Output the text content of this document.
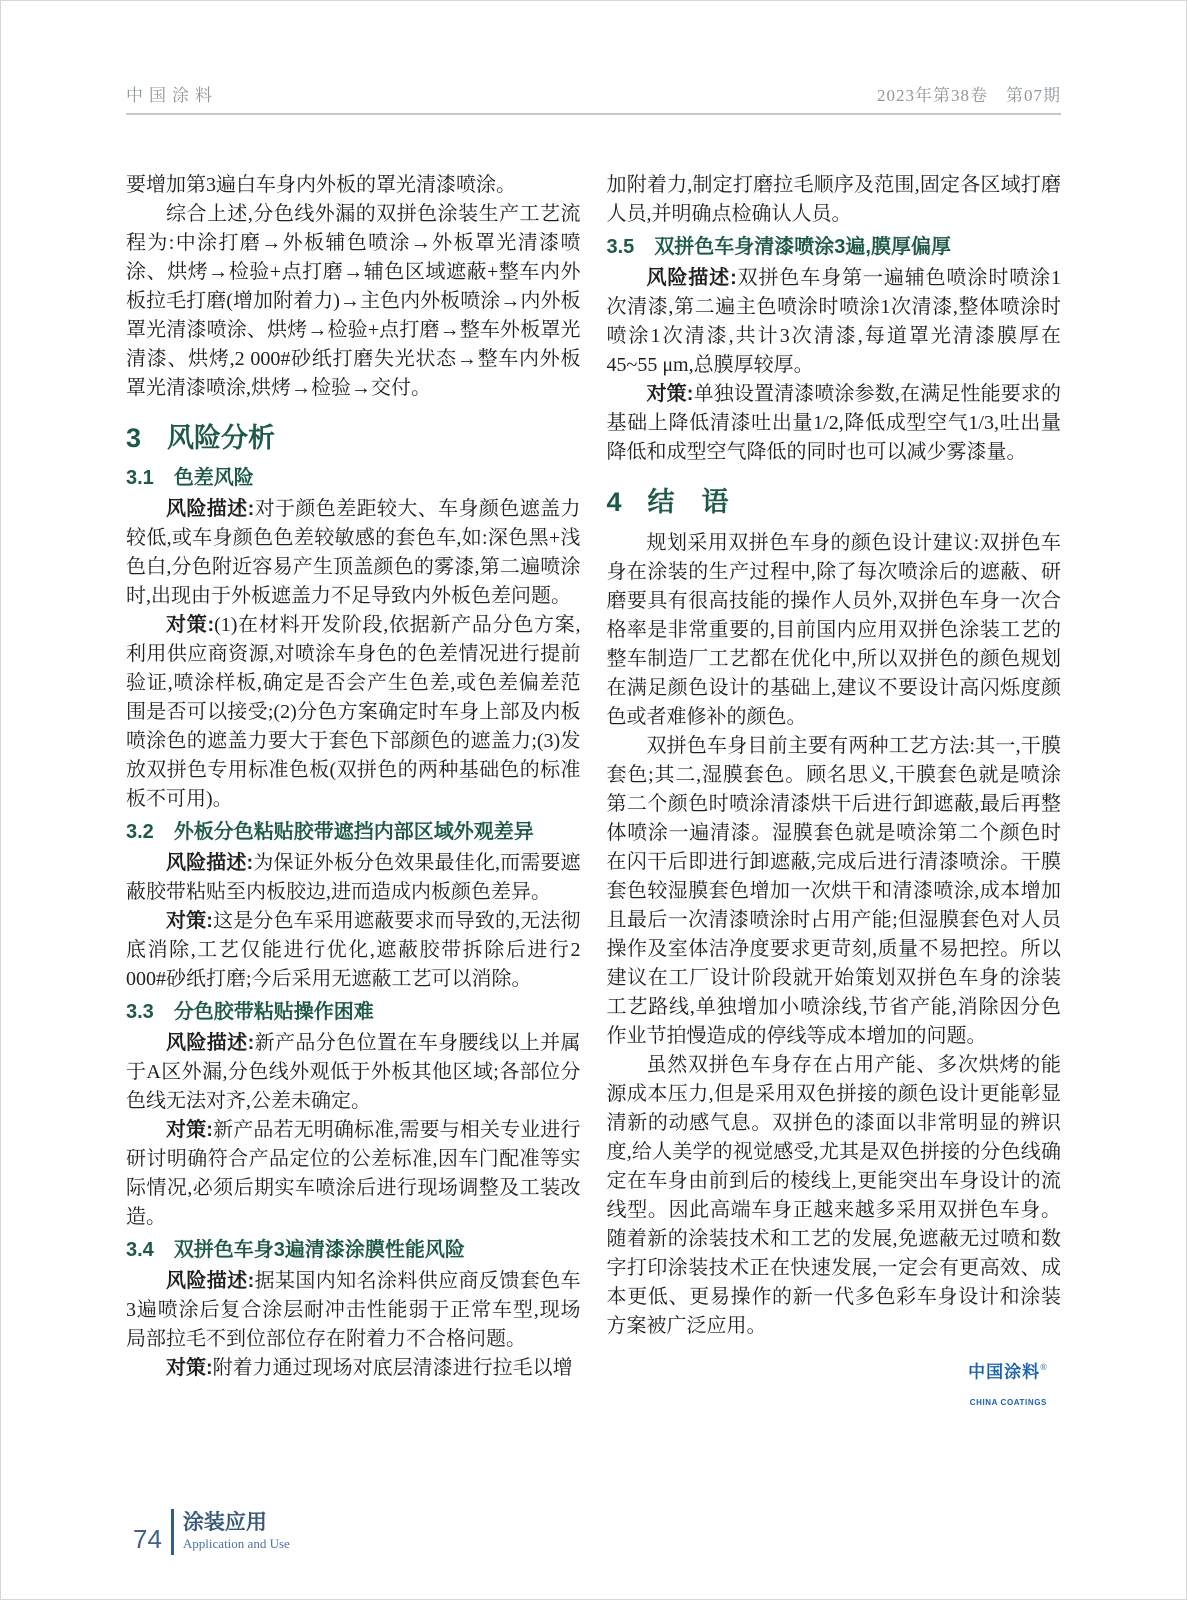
中国涂料	2023年第38卷　第07期

要增加第3遍白车身内外板的罩光清漆喷涂。

综合上述,分色线外漏的双拼色涂装生产工艺流程为:中涂打磨→外板辅色喷涂→外板罩光清漆喷涂、烘烤→检验+点打磨→辅色区域遮蔽+整车内外板拉毛打磨(增加附着力)→主色内外板喷涂→内外板罩光清漆喷涂、烘烤→检验+点打磨→整车外板罩光清漆、烘烤,2 000#砂纸打磨失光状态→整车内外板罩光清漆喷涂,烘烤→检验→交付。

3 风险分析
3.1 色差风险

风险描述:对于颜色差距较大、车身颜色遮盖力较低,或车身颜色色差较敏感的套色车,如:深色黑+浅色白,分色附近容易产生顶盖颜色的雾漆,第二遍喷涂时,出现由于外板遮盖力不足导致内外板色差问题。

对策:(1)在材料开发阶段,依据新产品分色方案,利用供应商资源,对喷涂车身色的色差情况进行提前验证,喷涂样板,确定是否会产生色差,或色差偏差范围是否可以接受;(2)分色方案确定时车身上部及内板喷涂色的遮盖力要大于套色下部颜色的遮盖力;(3)发放双拼色专用标准色板(双拼色的两种基础色的标准板不可用)。

3.2 外板分色粘贴胶带遮挡内部区域外观差异

风险描述:为保证外板分色效果最佳化,而需要遮蔽胶带粘贴至内板胶边,进而造成内板颜色差异。

对策:这是分色车采用遮蔽要求而导致的,无法彻底消除,工艺仅能进行优化,遮蔽胶带拆除后进行2 000#砂纸打磨;今后采用无遮蔽工艺可以消除。

3.3 分色胶带粘贴操作困难

风险描述:新产品分色位置在车身腰线以上并属于A区外漏,分色线外观低于外板其他区域;各部位分色线无法对齐,公差未确定。

对策:新产品若无明确标准,需要与相关专业进行研讨明确符合产品定位的公差标准,因车门配准等实际情况,必须后期实车喷涂后进行现场调整及工装改造。

3.4 双拼色车身3遍清漆涂膜性能风险

风险描述:据某国内知名涂料供应商反馈套色车3遍喷涂后复合涂层耐冲击性能弱于正常车型,现场局部拉毛不到位部位存在附着力不合格问题。

对策:附着力通过现场对底层清漆进行拉毛以增

加附着力,制定打磨拉毛顺序及范围,固定各区域打磨人员,并明确点检确认人员。

3.5 双拼色车身清漆喷涂3遍,膜厚偏厚

风险描述:双拼色车身第一遍辅色喷涂时喷涂1次清漆,第二遍主色喷涂时喷涂1次清漆,整体喷涂时喷涂1次清漆,共计3次清漆,每道罩光清漆膜厚在45~55 μm,总膜厚较厚。

对策:单独设置清漆喷涂参数,在满足性能要求的基础上降低清漆吐出量1/2,降低成型空气1/3,吐出量降低和成型空气降低的同时也可以减少雾漆量。

4 结　语

规划采用双拼色车身的颜色设计建议:双拼色车身在涂装的生产过程中,除了每次喷涂后的遮蔽、研磨要具有很高技能的操作人员外,双拼色车身一次合格率是非常重要的,目前国内应用双拼色涂装工艺的整车制造厂工艺都在优化中,所以双拼色的颜色规划在满足颜色设计的基础上,建议不要设计高闪烁度颜色或者难修补的颜色。

双拼色车身目前主要有两种工艺方法:其一,干膜套色;其二,湿膜套色。顾名思义,干膜套色就是喷涂第二个颜色时喷涂清漆烘干后进行卸遮蔽,最后再整体喷涂一遍清漆。湿膜套色就是喷涂第二个颜色时在闪干后即进行卸遮蔽,完成后进行清漆喷涂。干膜套色较湿膜套色增加一次烘干和清漆喷涂,成本增加且最后一次清漆喷涂时占用产能;但湿膜套色对人员操作及室体洁净度要求更苛刻,质量不易把控。所以建议在工厂设计阶段就开始策划双拼色车身的涂装工艺路线,单独增加小喷涂线,节省产能,消除因分色作业节拍慢造成的停线等成本增加的问题。

虽然双拼色车身存在占用产能、多次烘烤的能源成本压力,但是采用双色拼接的颜色设计更能彰显清新的动感气息。双拼色的漆面以非常明显的辨识度,给人美学的视觉感受,尤其是双色拼接的分色线确定在车身由前到后的棱线上,更能突出车身设计的流线型。因此高端车身正越来越多采用双拼色车身。随着新的涂装技术和工艺的发展,免遮蔽无过喷和数字打印涂装技术正在快速发展,一定会有更高效、成本更低、更易操作的新一代多色彩车身设计和涂装方案被广泛应用。

中国涂料®
CHINA COATINGS
74
涂装应用
Application and Use
